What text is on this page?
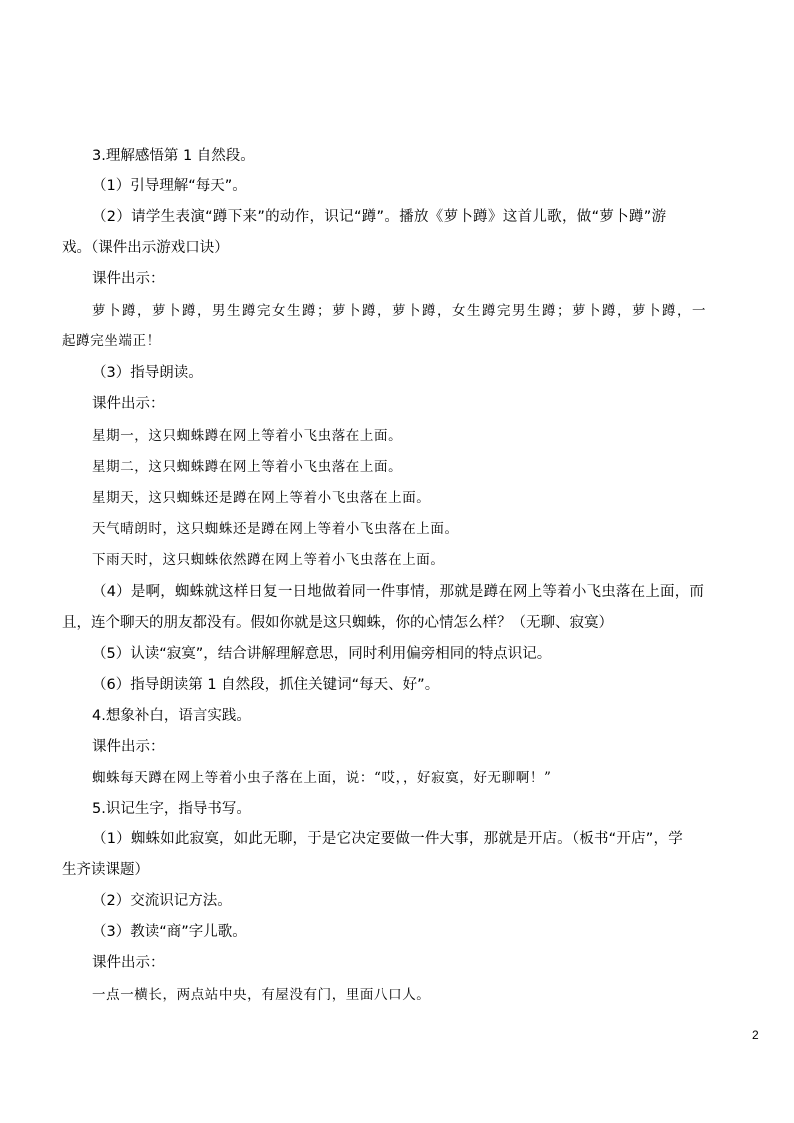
3.理解感悟第 1 自然段。
（1）引导理解“每天”。
（2）请学生表演“蹲下来”的动作，识记“蹲”。播放《萝卜蹲》这首儿歌，做“萝卜蹲”游
戏。（课件出示游戏口诀）
课件出示：
萝卜蹲，萝卜蹲，男生蹲完女生蹲；萝卜蹲，萝卜蹲，女生蹲完男生蹲；萝卜蹲，萝卜蹲，一
起蹲完坐端正！
（3）指导朗读。
课件出示：
星期一，这只蜘蛛蹲在网上等着小飞虫落在上面。
星期二，这只蜘蛛蹲在网上等着小飞虫落在上面。
星期天，这只蜘蛛还是蹲在网上等着小飞虫落在上面。
天气晴朗时，这只蜘蛛还是蹲在网上等着小飞虫落在上面。
下雨天时，这只蜘蛛依然蹲在网上等着小飞虫落在上面。
（4）是啊，蜘蛛就这样日复一日地做着同一件事情，那就是蹲在网上等着小飞虫落在上面，而
且，连个聊天的朋友都没有。假如你就是这只蜘蛛，你的心情怎么样？（无聊、寂寞）
（5）认读“寂寞”，结合讲解理解意思，同时利用偏旁相同的特点识记。
（6）指导朗读第 1 自然段，抓住关键词“每天、好”。
4.想象补白，语言实践。
课件出示：
蜘蛛每天蹲在网上等着小虫子落在上面，说：“哎，，好寂寞，好无聊啊！”
5.识记生字，指导书写。
（1）蜘蛛如此寂寞，如此无聊，于是它决定要做一件大事，那就是开店。（板书“开店”，学
生齐读课题）
（2）交流识记方法。
（3）教读“商”字儿歌。
课件出示：
一点一横长，两点站中央，有屋没有门，里面八口人。
2
